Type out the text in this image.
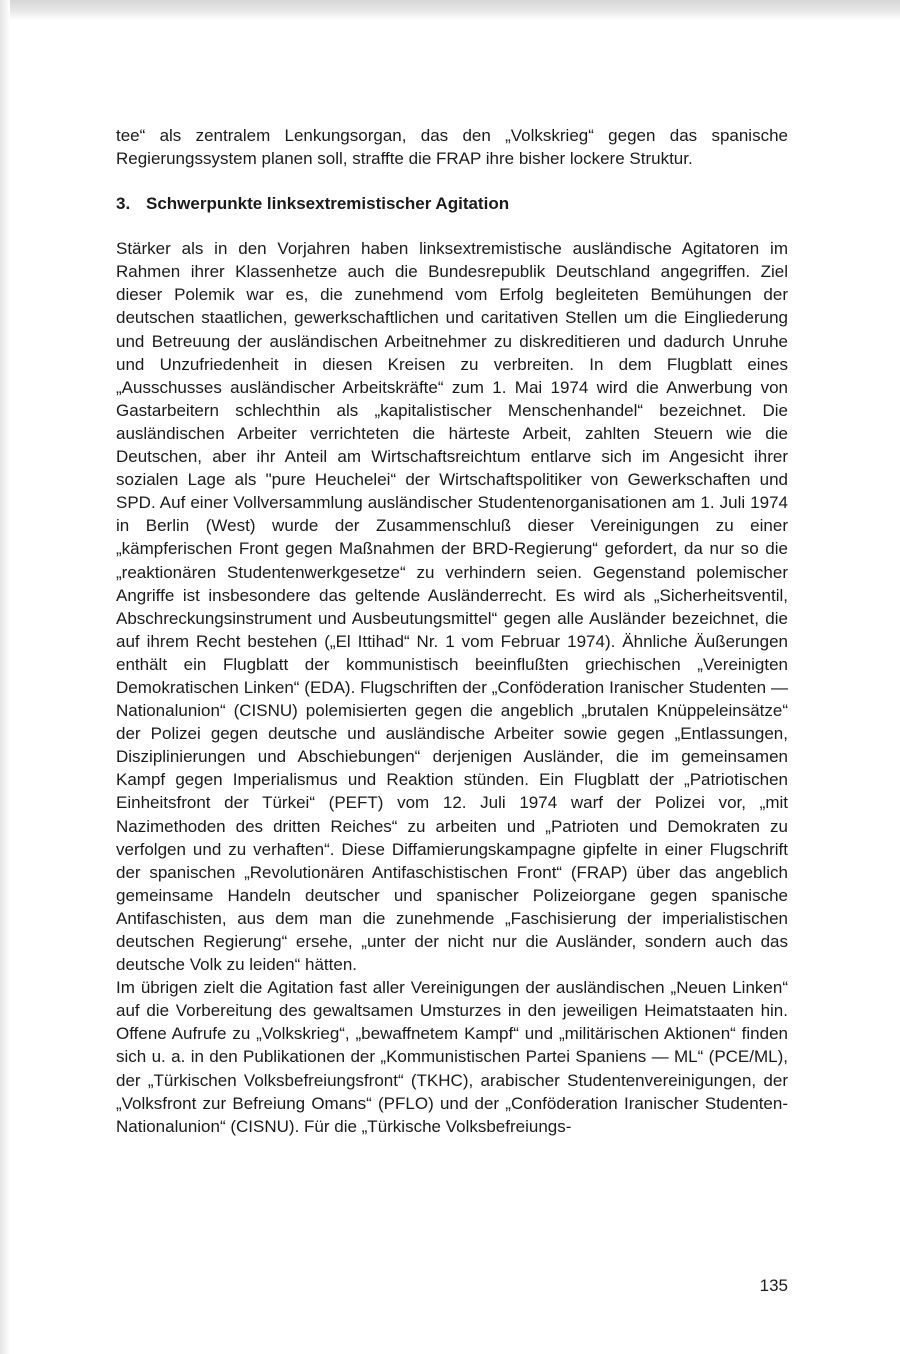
tee“ als zentralem Lenkungsorgan, das den „Volkskrieg“ gegen das spanische Regierungssystem planen soll, straffte die FRAP ihre bisher lockere Struktur.

3. Schwerpunkte linksextremistischer Agitation

Stärker als in den Vorjahren haben linksextremistische ausländische Agitatoren im Rahmen ihrer Klassenhetze auch die Bundesrepublik Deutschland angegriffen. Ziel dieser Polemik war es, die zunehmend vom Erfolg begleiteten Bemühungen der deutschen staatlichen, gewerkschaftlichen und caritativen Stellen um die Eingliederung und Betreuung der ausländischen Arbeitnehmer zu diskreditieren und dadurch Unruhe und Unzufriedenheit in diesen Kreisen zu verbreiten. In dem Flugblatt eines „Ausschusses ausländischer Arbeitskräfte“ zum 1. Mai 1974 wird die Anwerbung von Gastarbeitern schlechthin als „kapitalistischer Menschenhandel“ bezeichnet. Die ausländischen Arbeiter verrichteten die härteste Arbeit, zahlten Steuern wie die Deutschen, aber ihr Anteil am Wirtschaftsreichtum entlarve sich im Angesicht ihrer sozialen Lage als "pure Heuchelei“ der Wirtschaftspolitiker von Gewerkschaften und SPD. Auf einer Vollversammlung ausländischer Studentenorganisationen am 1. Juli 1974 in Berlin (West) wurde der Zusammenschluß dieser Vereinigungen zu einer „kämpferischen Front gegen Maßnahmen der BRD-Regierung“ gefordert, da nur so die „reaktionären Studentenwerkgesetze“ zu verhindern seien. Gegenstand polemischer Angriffe ist insbesondere das geltende Ausländerrecht. Es wird als „Sicherheitsventil, Abschreckungsinstrument und Ausbeutungsmittel“ gegen alle Ausländer bezeichnet, die auf ihrem Recht bestehen („El Ittihad“ Nr. 1 vom Februar 1974). Ähnliche Äußerungen enthält ein Flugblatt der kommunistisch beeinflußten griechischen „Vereinigten Demokratischen Linken“ (EDA). Flugschriften der „Conföderation Iranischer Studenten — Nationalunion“ (CISNU) polemisierten gegen die angeblich „brutalen Knüppeleinsätze“ der Polizei gegen deutsche und ausländische Arbeiter sowie gegen „Entlassungen, Disziplinierungen und Abschiebungen“ derjenigen Ausländer, die im gemeinsamen Kampf gegen Imperialismus und Reaktion stünden. Ein Flugblatt der „Patriotischen Einheitsfront der Türkei“ (PEFT) vom 12. Juli 1974 warf der Polizei vor, „mit Nazimethoden des dritten Reiches“ zu arbeiten und „Patrioten und Demokraten zu verfolgen und zu verhaften“. Diese Diffamierungskampagne gipfelte in einer Flugschrift der spanischen „Revolutionären Antifaschistischen Front“ (FRAP) über das angeblich gemeinsame Handeln deutscher und spanischer Polizeiorgane gegen spanische Antifaschisten, aus dem man die zunehmende „Faschisierung der imperialistischen deutschen Regierung“ ersehe, „unter der nicht nur die Ausländer, sondern auch das deutsche Volk zu leiden“ hätten.

Im übrigen zielt die Agitation fast aller Vereinigungen der ausländischen „Neuen Linken“ auf die Vorbereitung des gewaltsamen Umsturzes in den jeweiligen Heimatstaaten hin. Offene Aufrufe zu „Volkskrieg“, „bewaffnetem Kampf“ und „militärischen Aktionen“ finden sich u. a. in den Publikationen der „Kommunistischen Partei Spaniens — ML“ (PCE/ML), der „Türkischen Volksbefreiungsfront“ (TKHC), arabischer Studentenvereinigungen, der „Volksfront zur Befreiung Omans“ (PFLO) und der „Conföderation Iranischer Studenten-Nationalunion“ (CISNU). Für die „Türkische Volksbefreiungs-

135
